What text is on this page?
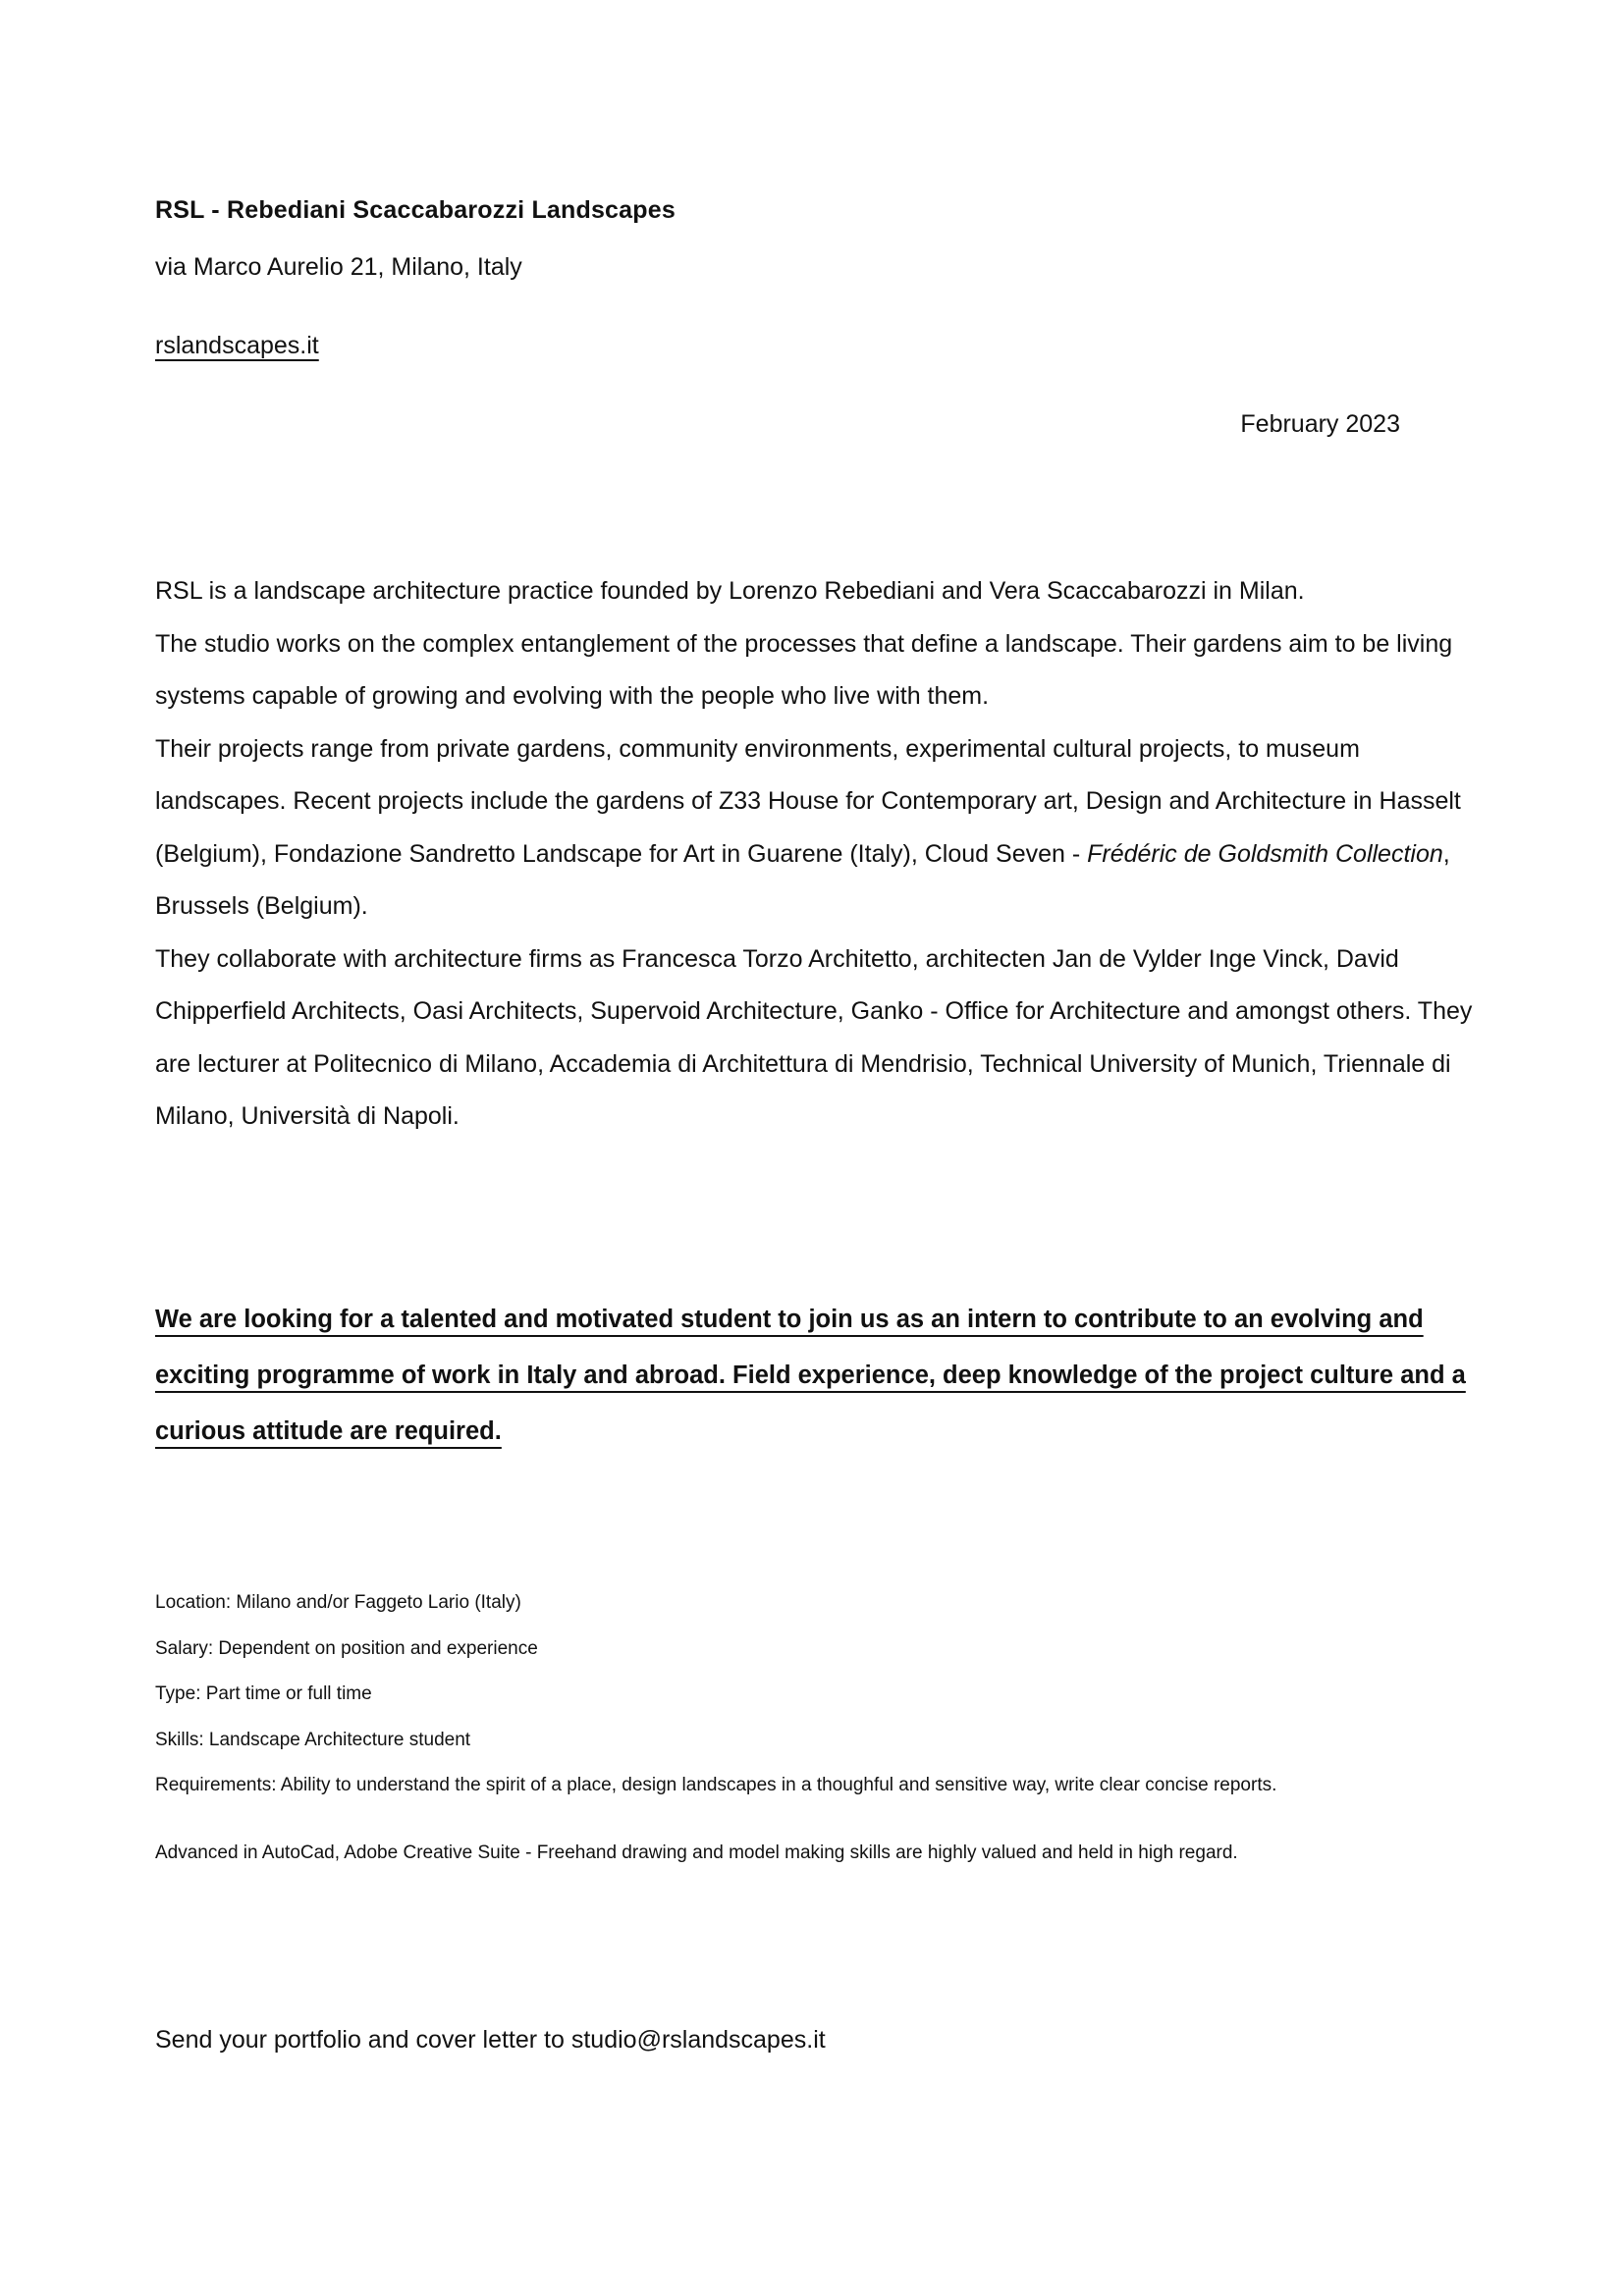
RSL - Rebediani Scaccabarozzi Landscapes
via Marco Aurelio 21, Milano, Italy
rslandscapes.it
February 2023

RSL is a landscape architecture practice founded by Lorenzo Rebediani and Vera Scaccabarozzi in Milan.

The studio works on the complex entanglement of the processes that define a landscape. Their gardens aim to be living systems capable of growing and evolving with the people who live with them.

Their projects range from private gardens, community environments, experimental cultural projects, to museum landscapes. Recent projects include the gardens of Z33 House for Contemporary art, Design and Architecture in Hasselt (Belgium), Fondazione Sandretto Landscape for Art in Guarene (Italy), Cloud Seven - Frédéric de Goldsmith Collection, Brussels (Belgium).

They collaborate with architecture firms as Francesca Torzo Architetto, architecten Jan de Vylder Inge Vinck, David Chipperfield Architects, Oasi Architects, Supervoid Architecture, Ganko - Office for Architecture and amongst others. They are lecturer at Politecnico di Milano, Accademia di Architettura di Mendrisio, Technical University of Munich, Triennale di Milano, Università di Napoli.

We are looking for a talented and motivated student to join us as an intern to contribute to an evolving and exciting programme of work in Italy and abroad. Field experience, deep knowledge of the project culture and a curious attitude are required.
Location: Milano and/or Faggeto Lario (Italy)
Salary: Dependent on position and experience
Type: Part time or full time
Skills: Landscape Architecture student
Requirements: Ability to understand the spirit of a place, design landscapes in a thoughful and sensitive way, write clear concise reports.
Advanced in AutoCad, Adobe Creative Suite - Freehand drawing and model making skills are highly valued and held in high regard.
Send your portfolio and cover letter to studio@rslandscapes.it
